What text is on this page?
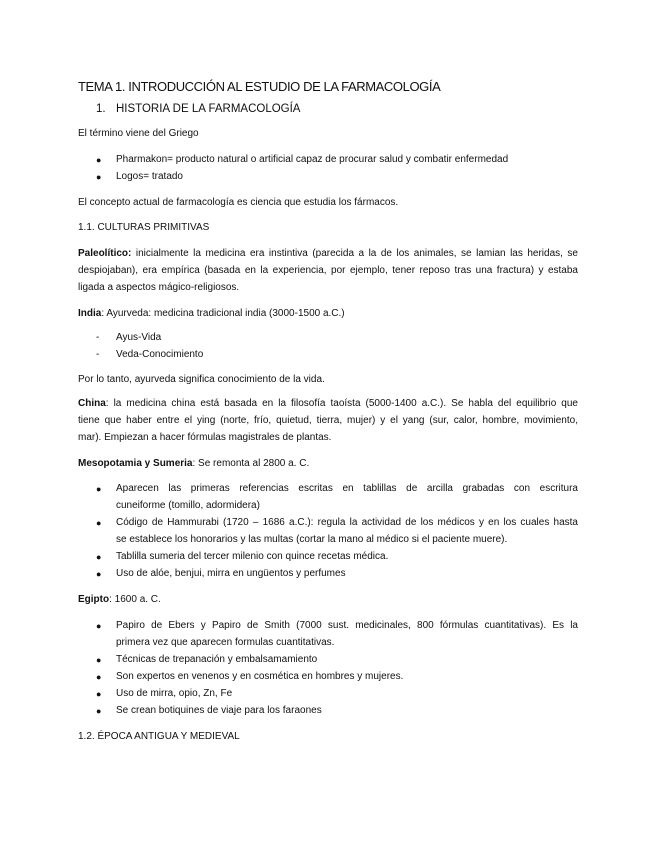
TEMA 1. INTRODUCCIÓN AL ESTUDIO DE LA FARMACOLOGÍA
1. HISTORIA DE LA FARMACOLOGÍA
El término viene del Griego
● Pharmakon= producto natural o artificial capaz de procurar salud y combatir enfermedad
● Logos= tratado
El concepto actual de farmacología es ciencia que estudia los fármacos.
1.1. CULTURAS PRIMITIVAS
Paleolítico: inicialmente la medicina era instintiva (parecida a la de los animales, se lamian las heridas, se
despiojaban), era empírica (basada en la experiencia, por ejemplo, tener reposo tras una fractura) y estaba
ligada a aspectos mágico-religiosos.
India: Ayurveda: medicina tradicional india (3000-1500 a.C.)
- Ayus-Vida
- Veda-Conocimiento
Por lo tanto, ayurveda significa conocimiento de la vida.
China: la medicina china está basada en la filosofía taoísta (5000-1400 a.C.). Se habla del equilibrio que
tiene que haber entre el ying (norte, frío, quietud, tierra, mujer) y el yang (sur, calor, hombre, movimiento,
mar). Empiezan a hacer fórmulas magistrales de plantas.
Mesopotamia y Sumeria: Se remonta al 2800 a. C.
● Aparecen las primeras referencias escritas en tablillas de arcilla grabadas con escritura
cuneiforme (tomillo, adormidera)
● Código de Hammurabi (1720 – 1686 a.C.): regula la actividad de los médicos y en los cuales hasta
se establece los honorarios y las multas (cortar la mano al médico si el paciente muere).
● Tablilla sumeria del tercer milenio con quince recetas médica.
● Uso de alóe, benjui, mirra en ungüentos y perfumes
Egipto: 1600 a. C.
● Papiro de Ebers y Papiro de Smith (7000 sust. medicinales, 800 fórmulas cuantitativas). Es la
primera vez que aparecen formulas cuantitativas.
● Técnicas de trepanación y embalsamamiento
● Son expertos en venenos y en cosmética en hombres y mujeres.
● Uso de mirra, opio, Zn, Fe
● Se crean botiquines de viaje para los faraones
1.2. ÉPOCA ANTIGUA Y MEDIEVAL
